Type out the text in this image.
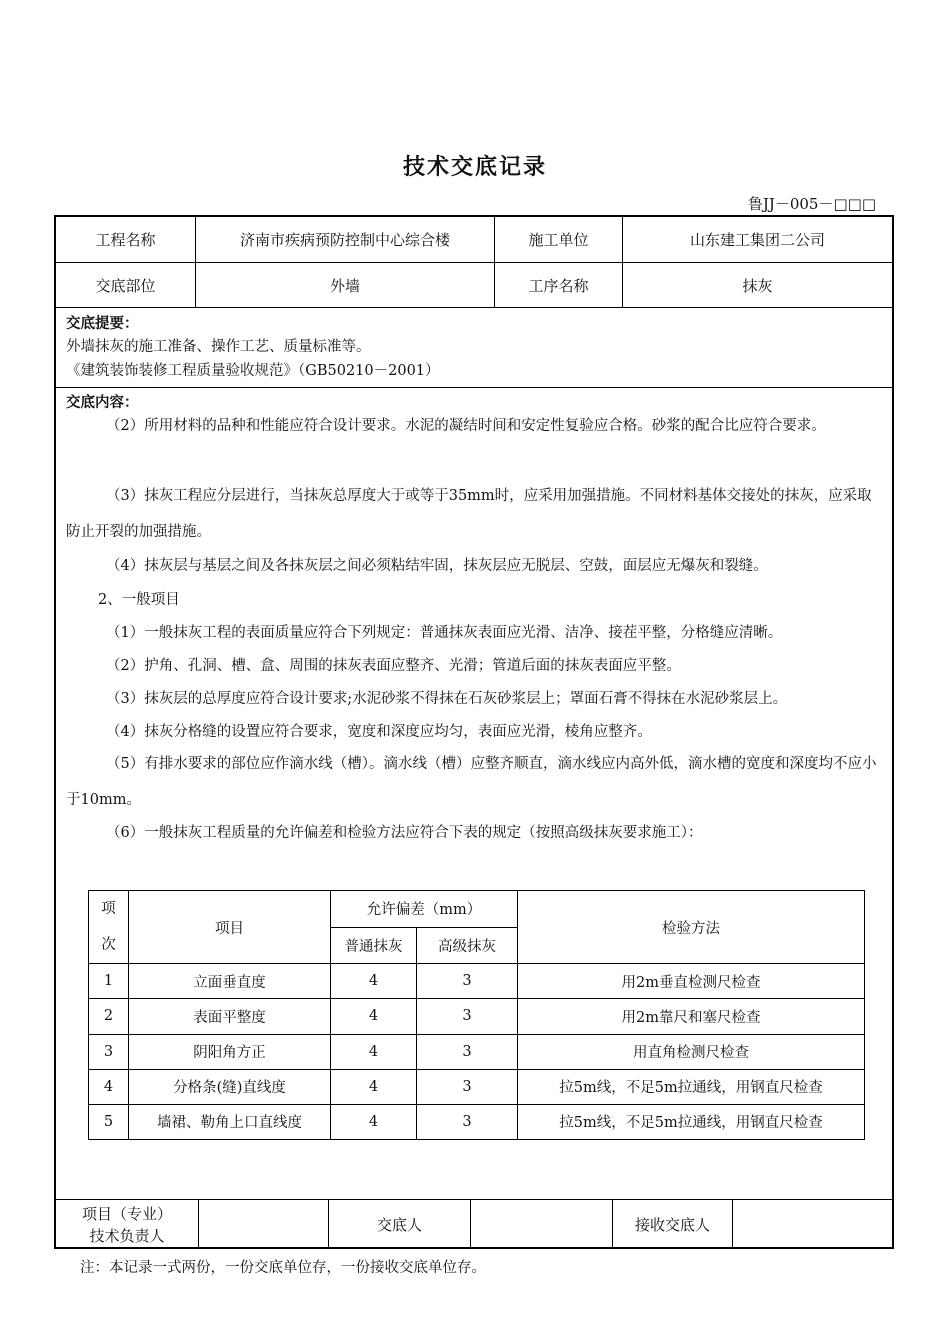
技术交底记录
鲁JJ－005－□□□
工程名称	济南市疾病预防控制中心综合楼	施工单位	山东建工集团二公司
交底部位	外墙	工序名称	抹灰
交底提要：
外墙抹灰的施工准备、操作工艺、质量标准等。
《建筑装饰装修工程质量验收规范》（GB50210－2001）
交底内容：
（2）所用材料的品种和性能应符合设计要求。水泥的凝结时间和安定性复验应合格。砂浆的配合比应符合要求。
（3）抹灰工程应分层进行，当抹灰总厚度大于或等于35mm时，应采用加强措施。不同材料基体交接处的抹灰，应采取防止开裂的加强措施。
（4）抹灰层与基层之间及各抹灰层之间必须粘结牢固，抹灰层应无脱层、空鼓，面层应无爆灰和裂缝。
2、一般项目
（1）一般抹灰工程的表面质量应符合下列规定：普通抹灰表面应光滑、洁净、接茬平整，分格缝应清晰。
（2）护角、孔洞、槽、盒、周围的抹灰表面应整齐、光滑；管道后面的抹灰表面应平整。
（3）抹灰层的总厚度应符合设计要求;水泥砂浆不得抹在石灰砂浆层上；罩面石膏不得抹在水泥砂浆层上。
（4）抹灰分格缝的设置应符合要求，宽度和深度应均匀，表面应光滑，棱角应整齐。
（5）有排水要求的部位应作滴水线（槽）。滴水线（槽）应整齐顺直，滴水线应内高外低，滴水槽的宽度和深度均不应小于10mm。
（6）一般抹灰工程质量的允许偏差和检验方法应符合下表的规定（按照高级抹灰要求施工）：
项目（专业）
技术负责人
交底人	接收交底人
项
次	项目	允许偏差（mm）		检验方法
		普通抹灰	高级抹灰	
1	立面垂直度	4	3	用2m垂直检测尺检查
2	表面平整度	4	3	用2m靠尺和塞尺检查
3	阴阳角方正	4	3	用直角检测尺检查
4	分格条(缝)直线度	4	3	拉5m线，不足5m拉通线，用钢直尺检查
5	墙裙、勒角上口直线度	4	3	拉5m线，不足5m拉通线，用钢直尺检查
注：本记录一式两份，一份交底单位存，一份接收交底单位存。
